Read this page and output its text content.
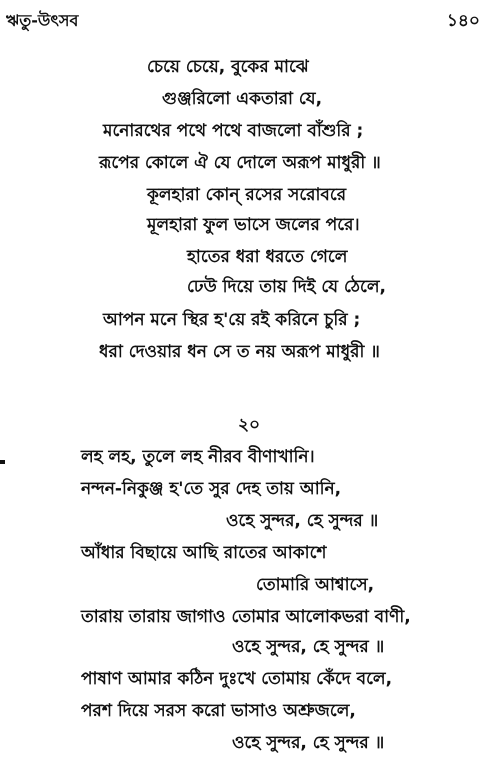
ঋতু-উৎসব	১৪০
চেয়ে চেয়ে, বুকের মাঝে
গুঞ্জরিলো একতারা যে,
মনোরথের পথে পথে বাজলো বাঁশুরি ;
রূপের কোলে ঐ যে দোলে অরূপ মাধুরী ॥
কূলহারা কোন্ রসের সরোবরে
মূলহারা ফুল ভাসে জলের পরে।
হাতের ধরা ধরতে গেলে
ঢেউ দিয়ে তায় দিই যে ঠেলে,
আপন মনে স্থির হ'য়ে রই করিনে চুরি ;
ধরা দেওয়ার ধন সে ত নয় অরূপ মাধুরী ॥
২০
লহ লহ, তুলে লহ নীরব বীণাখানি।
নন্দন-নিকুঞ্জ হ'তে সুর দেহ তায় আনি,
ওহে সুন্দর, হে সুন্দর ॥
আঁধার বিছায়ে আছি রাতের আকাশে
তোমারি আশ্বাসে,
তারায় তারায় জাগাও তোমার আলোকভরা বাণী,
ওহে সুন্দর, হে সুন্দর ॥
পাষাণ আমার কঠিন দুঃখে তোমায় কেঁদে বলে,
পরশ দিয়ে সরস করো ভাসাও অশ্রুজলে,
ওহে সুন্দর, হে সুন্দর ॥
